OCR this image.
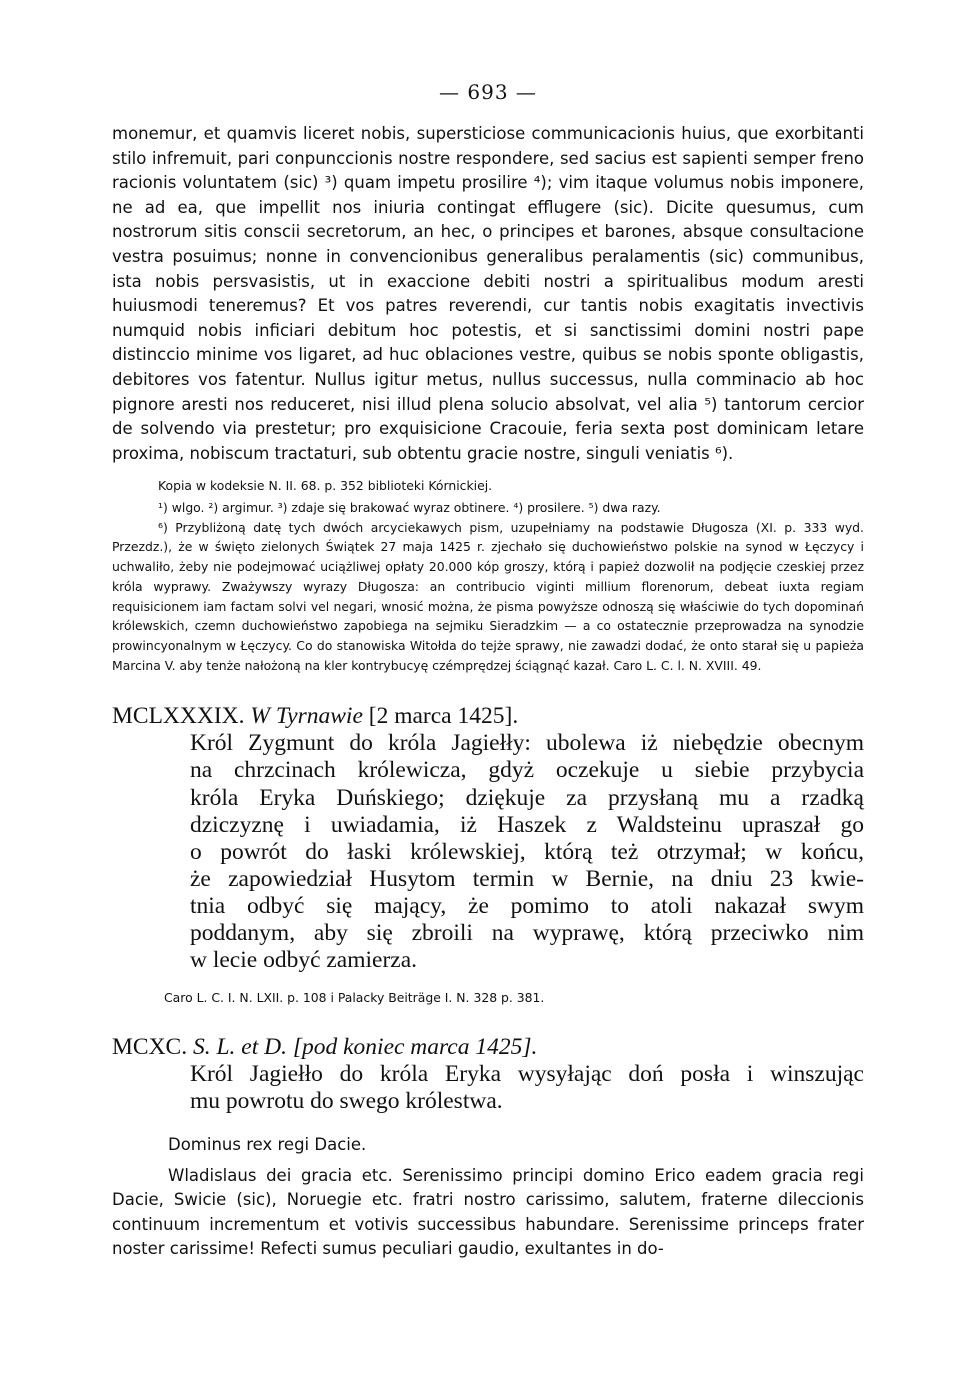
— 693 —

monemur, et quamvis liceret nobis, supersticiose communicacionis huius, que exorbitanti stilo infremuit, pari conpunccionis nostre respondere, sed sacius est sapienti semper freno racionis voluntatem (sic) ³) quam impetu prosilire ⁴); vim itaque volumus nobis imponere, ne ad ea, que impellit nos iniuria contingat efflugere (sic). Dicite quesumus, cum nostrorum sitis conscii secretorum, an hec, o principes et barones, absque consultacione vestra posuimus; nonne in convencionibus generalibus peralamentis (sic) communibus, ista nobis persvasistis, ut in exaccione debiti nostri a spiritualibus modum aresti huiusmodi teneremus? Et vos patres reverendi, cur tantis nobis exagitatis invectivis numquid nobis inficiari debitum hoc potestis, et si sanctissimi domini nostri pape distinccio minime vos ligaret, ad huc oblaciones vestre, quibus se nobis sponte obligastis, debitores vos fatentur. Nullus igitur metus, nullus successus, nulla comminacio ab hoc pignore aresti nos reduceret, nisi illud plena solucio absolvat, vel alia ⁵) tantorum cercior de solvendo via prestetur; pro exquisicione Cracouie, feria sexta post dominicam letare proxima, nobiscum tractaturi, sub obtentu gracie nostre, singuli veniatis ⁶).

Kopia w kodeksie N. II. 68. p. 352 biblioteki Kórnickiej.

¹) wlgo. ²) argimur. ³) zdaje się brakować wyraz obtinere. ⁴) prosilere. ⁵) dwa razy.

⁶) Przybliżoną datę tych dwóch arcyciekawych pism, uzupełniamy na podstawie Długosza (XI. p. 333 wyd. Przezdz.), że w święto zielonych Świątek 27 maja 1425 r. zjechało się duchowieństwo polskie na synod w Łęczycy i uchwaliło, żeby nie podejmować uciążliwej opłaty 20.000 kóp groszy, którą i papież dozwolił na podjęcie czeskiej przez króla wyprawy. Zważywszy wyrazy Długosza: an contribucio viginti millium florenorum, debeat iuxta regiam requisicionem iam factam solvi vel negari, wnosić można, że pisma powyższe odnoszą się właściwie do tych dopominań królewskich, czemn duchowieństwo zapobiega na sejmiku Sieradzkim — a co ostatecznie przeprowadza na synodzie prowincyonalnym w Łęczycy. Co do stanowiska Witołda do tejże sprawy, nie zawadzi dodać, że onto starał się u papieża Marcina V. aby tenże nałożoną na kler kontrybucyę czémprędzej ściągnąć kazał. Caro L. C. l. N. XVIII. 49.

MCLXXXIX. W Tyrnawie [2 marca 1425].

Król Zygmunt do króla Jagiełły: ubolewa iż niebędzie obecnym
na chrzcinach królewicza, gdyż oczekuje u siebie przybycia
króla Eryka Duńskiego; dziękuje za przysłaną mu a rzadką
dziczyznę i uwiadamia, iż Haszek z Waldsteinu upraszał go
o powrót do łaski królewskiej, którą też otrzymał; w końcu,
że zapowiedział Husytom termin w Bernie, na dniu 23 kwie-
tnia odbyć się mający, że pomimo to atoli nakazał swym
poddanym, aby się zbroili na wyprawę, którą przeciwko nim
w lecie odbyć zamierza.

Caro L. C. I. N. LXII. p. 108 i Palacky Beiträge I. N. 328 p. 381.

MCXC. S. L. et D. [pod koniec marca 1425].

Król Jagiełło do króla Eryka wysyłając doń posła i winszując
mu powrotu do swego królestwa.

Dominus rex regi Dacie.

Wladislaus dei gracia etc. Serenissimo principi domino Erico eadem gracia regi Dacie, Swicie (sic), Noruegie etc. fratri nostro carissimo, salutem, fraterne dileccionis continuum incrementum et votivis successibus habundare. Serenissime princeps frater noster carissime! Refecti sumus peculiari gaudio, exultantes in do-
